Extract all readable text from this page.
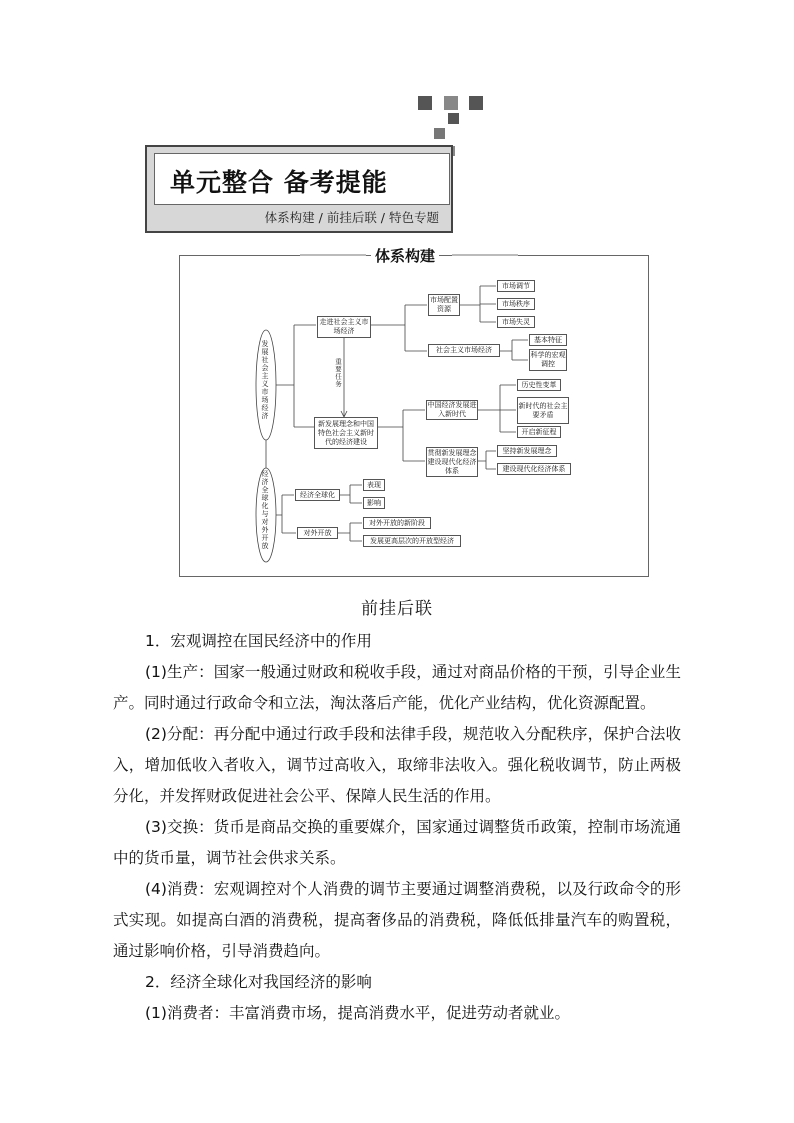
单元整合 备考提能
体系构建 / 前挂后联 / 特色专题
体系构建
发展社会主义市场经济
经济全球化与对外开放
走进社会主义市场经济
市场配置资源
市场调节
市场秩序
市场失灵
社会主义市场经济
基本特征
科学的宏观调控
重要任务
新发展理念和中国特色社会主义新时代的经济建设
中国经济发展进入新时代
历史性变革
新时代的社会主要矛盾
开启新征程
贯彻新发展理念建设现代化经济体系
坚持新发展理念
建设现代化经济体系
经济全球化
表现
影响
对外开放
对外开放的新阶段
发展更高层次的开放型经济
前挂后联
1．宏观调控在国民经济中的作用
(1)生产：国家一般通过财政和税收手段，通过对商品价格的干预，引导企业生产。同时通过行政命令和立法，淘汰落后产能，优化产业结构，优化资源配置。
(2)分配：再分配中通过行政手段和法律手段，规范收入分配秩序，保护合法收入，增加低收入者收入，调节过高收入，取缔非法收入。强化税收调节，防止两极分化，并发挥财政促进社会公平、保障人民生活的作用。
(3)交换：货币是商品交换的重要媒介，国家通过调整货币政策，控制市场流通中的货币量，调节社会供求关系。
(4)消费：宏观调控对个人消费的调节主要通过调整消费税，以及行政命令的形式实现。如提高白酒的消费税，提高奢侈品的消费税，降低低排量汽车的购置税，通过影响价格，引导消费趋向。
2．经济全球化对我国经济的影响
(1)消费者：丰富消费市场，提高消费水平，促进劳动者就业。
